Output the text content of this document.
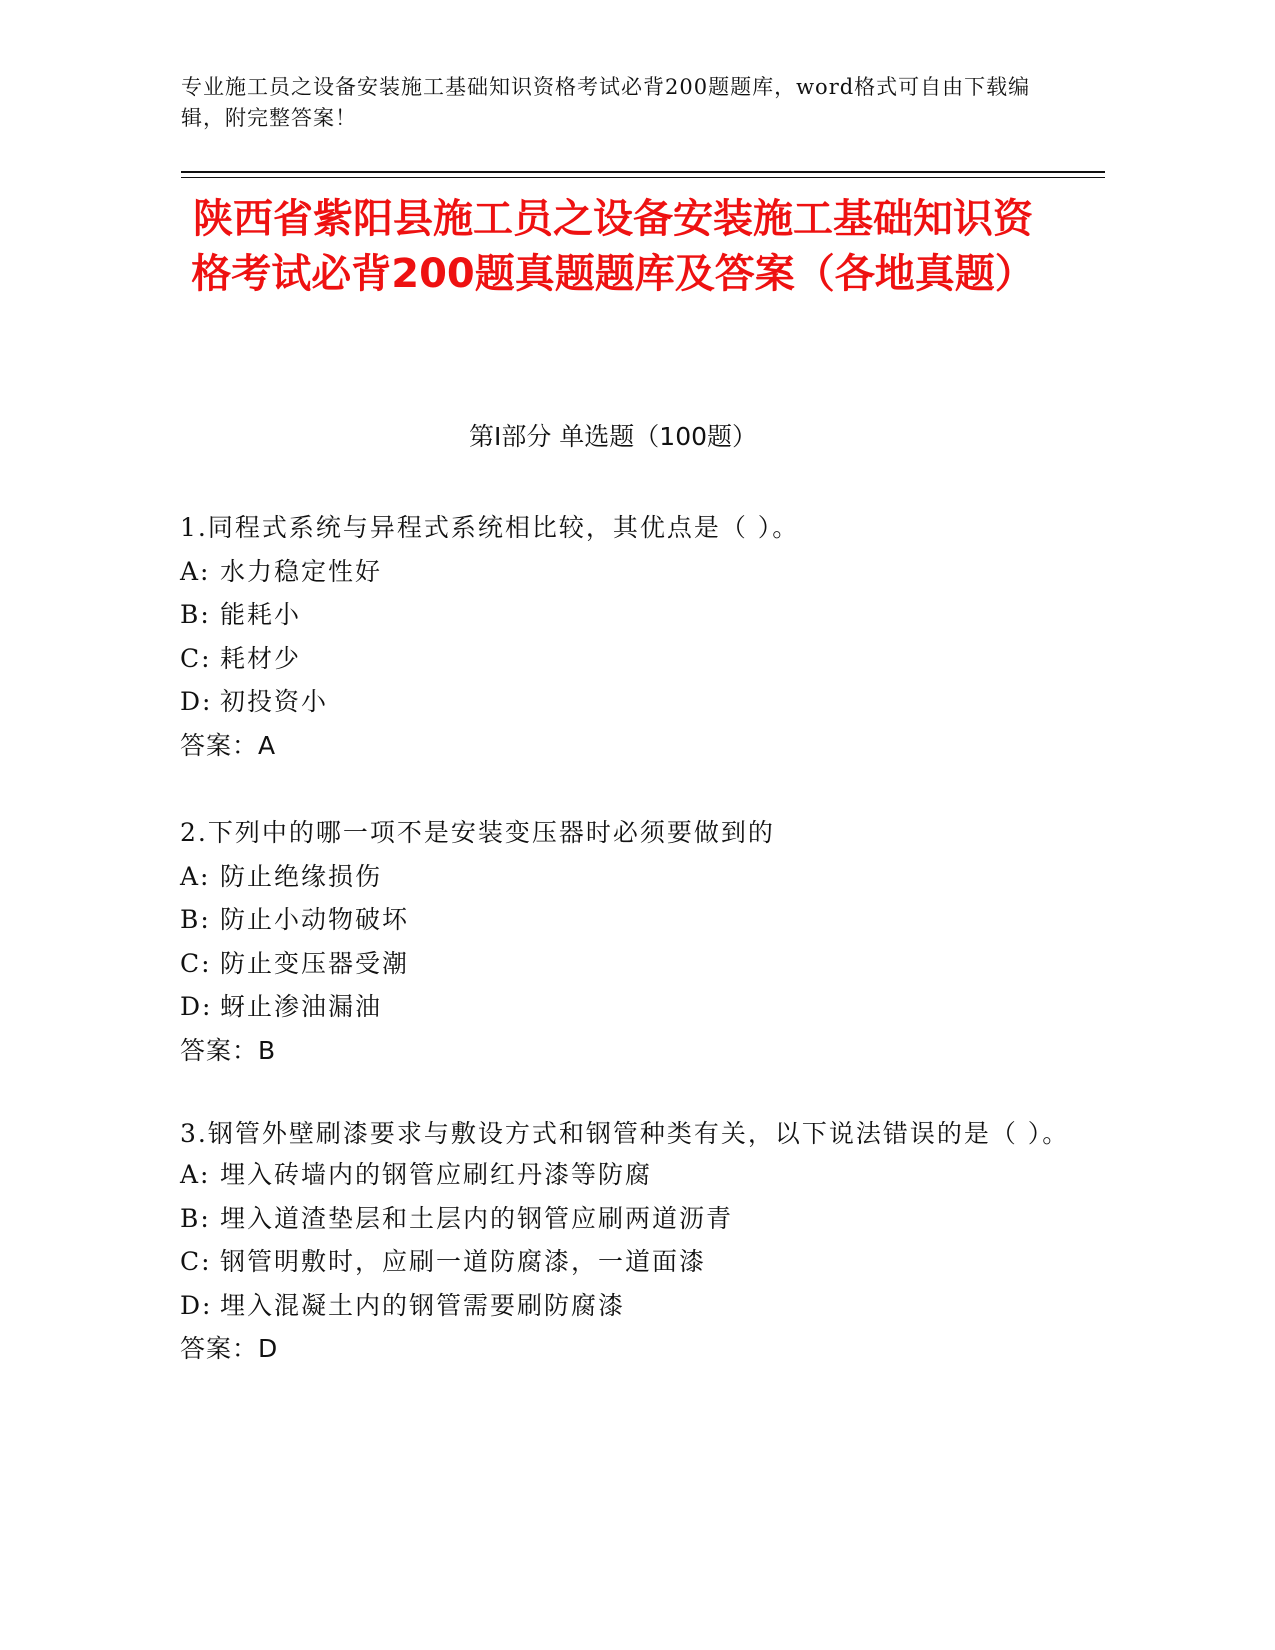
专业施工员之设备安装施工基础知识资格考试必背200题题库，word格式可自由下载编辑，附完整答案！
陕西省紫阳县施工员之设备安装施工基础知识资格考试必背200题真题题库及答案（各地真题）
第I部分 单选题（100题）
1.同程式系统与异程式系统相比较，其优点是（ ）。
A: 水力稳定性好
B: 能耗小
C: 耗材少
D: 初投资小
答案：A
2.下列中的哪一项不是安装变压器时必须要做到的
A: 防止绝缘损伤
B: 防止小动物破坏
C: 防止变压器受潮
D: 蚜止渗油漏油
答案：B
3.钢管外壁刷漆要求与敷设方式和钢管种类有关，以下说法错误的是（ ）。
A: 埋入砖墙内的钢管应刷红丹漆等防腐
B: 埋入道渣垫层和土层内的钢管应刷两道沥青
C: 钢管明敷时，应刷一道防腐漆，一道面漆
D: 埋入混凝土内的钢管需要刷防腐漆
答案：D
